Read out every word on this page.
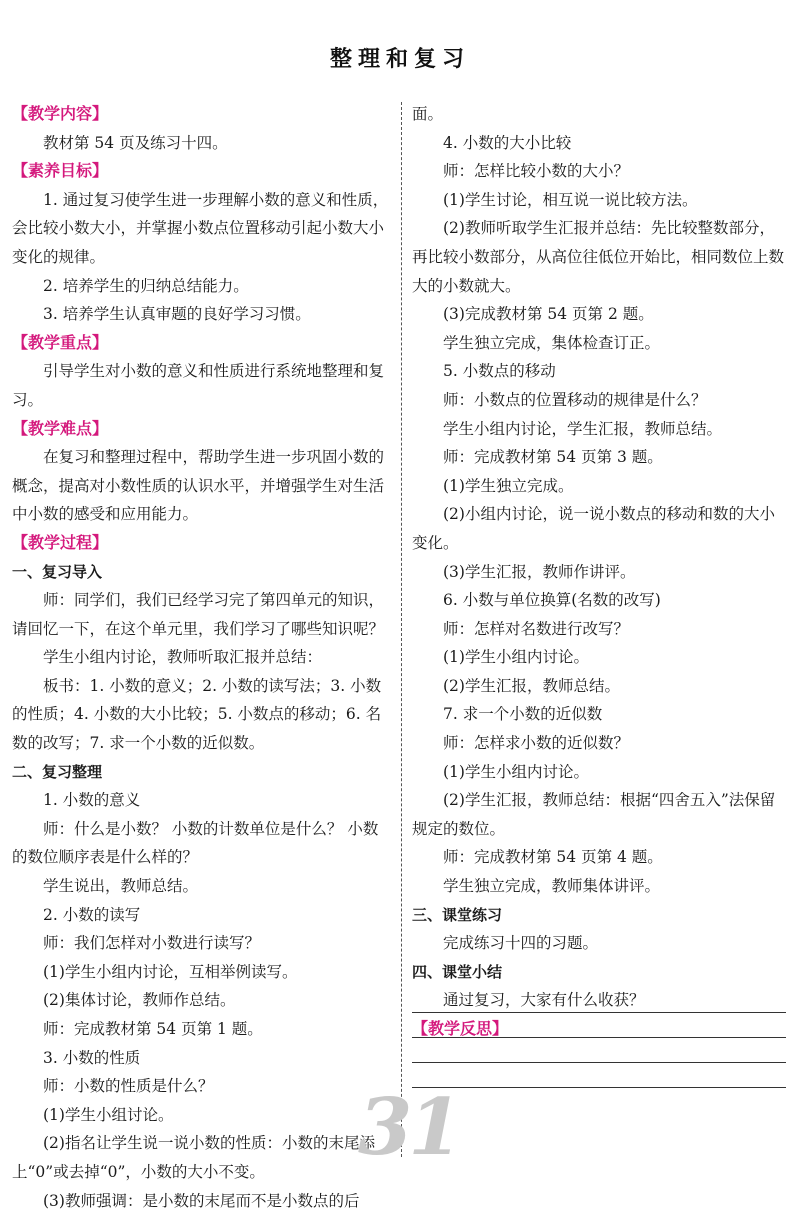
整理和复习
【教学内容】
教材第 54 页及练习十四。
【素养目标】
1. 通过复习使学生进一步理解小数的意义和性质，会比较小数大小，并掌握小数点位置移动引起小数大小变化的规律。
2. 培养学生的归纳总结能力。
3. 培养学生认真审题的良好学习习惯。
【教学重点】
引导学生对小数的意义和性质进行系统地整理和复习。
【教学难点】
在复习和整理过程中，帮助学生进一步巩固小数的概念，提高对小数性质的认识水平，并增强学生对生活中小数的感受和应用能力。
【教学过程】
一、复习导入
师：同学们，我们已经学习完了第四单元的知识，请回忆一下，在这个单元里，我们学习了哪些知识呢？
学生小组内讨论，教师听取汇报并总结：
板书：1. 小数的意义；2. 小数的读写法；3. 小数的性质；4. 小数的大小比较；5. 小数点的移动；6. 名数的改写；7. 求一个小数的近似数。
二、复习整理
1. 小数的意义
师：什么是小数？ 小数的计数单位是什么？ 小数的数位顺序表是什么样的？
学生说出，教师总结。
2. 小数的读写
师：我们怎样对小数进行读写？
(1)学生小组内讨论，互相举例读写。
(2)集体讨论，教师作总结。
师：完成教材第 54 页第 1 题。
3. 小数的性质
师：小数的性质是什么？
(1)学生小组讨论。
(2)指名让学生说一说小数的性质：小数的末尾添上“0”或去掉“0”，小数的大小不变。
(3)教师强调：是小数的末尾而不是小数点的后
面。
4. 小数的大小比较
师：怎样比较小数的大小？
(1)学生讨论，相互说一说比较方法。
(2)教师听取学生汇报并总结：先比较整数部分，再比较小数部分，从高位往低位开始比，相同数位上数大的小数就大。
(3)完成教材第 54 页第 2 题。
学生独立完成，集体检查订正。
5. 小数点的移动
师：小数点的位置移动的规律是什么？
学生小组内讨论，学生汇报，教师总结。
师：完成教材第 54 页第 3 题。
(1)学生独立完成。
(2)小组内讨论，说一说小数点的移动和数的大小变化。
(3)学生汇报，教师作讲评。
6. 小数与单位换算(名数的改写)
师：怎样对名数进行改写？
(1)学生小组内讨论。
(2)学生汇报，教师总结。
7. 求一个小数的近似数
师：怎样求小数的近似数？
(1)学生小组内讨论。
(2)学生汇报，教师总结：根据“四舍五入”法保留规定的数位。
师：完成教材第 54 页第 4 题。
学生独立完成，教师集体讲评。
三、课堂练习
完成练习十四的习题。
四、课堂小结
通过复习，大家有什么收获？
【教学反思】
31
